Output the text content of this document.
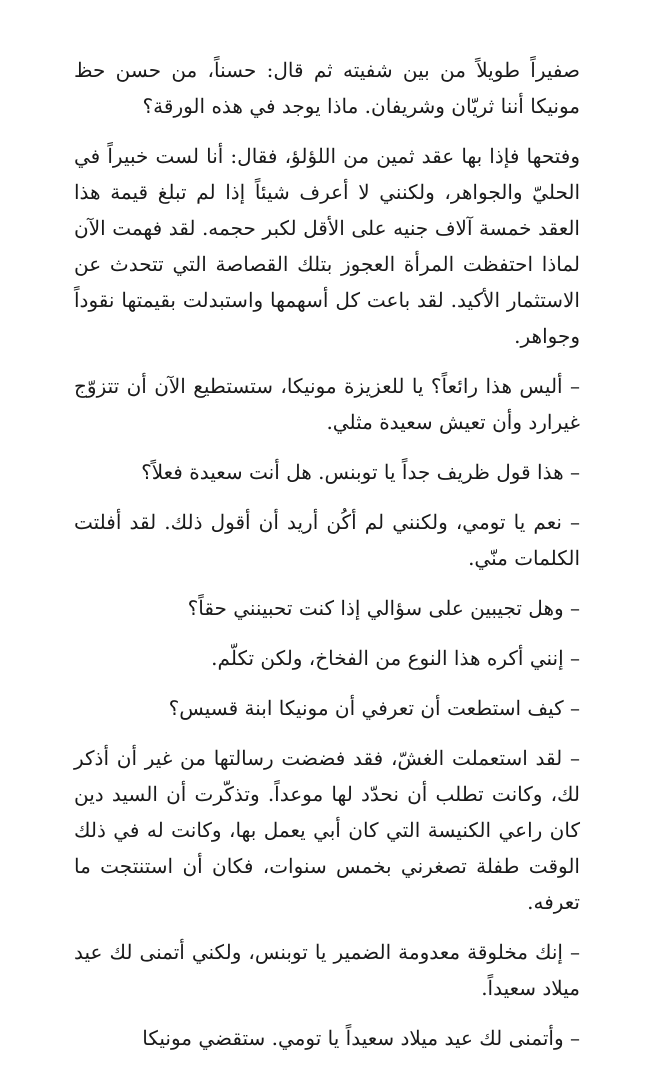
صفيراً طويلاً من بين شفيته ثم قال: حسناً، من حسن حظ مونيكا أننا ثريّان وشريفان. ماذا يوجد في هذه الورقة؟

وفتحها فإذا بها عقد ثمين من اللؤلؤ، فقال: أنا لست خبيراً في الحليّ والجواهر، ولكنني لا أعرف شيئاً إذا لم تبلغ قيمة هذا العقد خمسة آلاف جنيه على الأقل لكبر حجمه. لقد فهمت الآن لماذا احتفظت المرأة العجوز بتلك القصاصة التي تتحدث عن الاستثمار الأكيد. لقد باعت كل أسهمها واستبدلت بقيمتها نقوداً وجواهر.

– أليس هذا رائعاً؟ يا للعزيزة مونيكا، ستستطيع الآن أن تتزوّج غيرارد وأن تعيش سعيدة مثلي.

– هذا قول ظريف جداً يا توبنس. هل أنت سعيدة فعلاً؟

– نعم يا تومي، ولكنني لم أكُن أريد أن أقول ذلك. لقد أفلتت الكلمات منّي.

– وهل تجيبين على سؤالي إذا كنت تحبينني حقاً؟

– إنني أكره هذا النوع من الفخاخ، ولكن تكلّم.

– كيف استطعت أن تعرفي أن مونيكا ابنة قسيس؟

– لقد استعملت الغشّ، فقد فضضت رسالتها من غير أن أذكر لك، وكانت تطلب أن نحدّد لها موعداً. وتذكّرت أن السيد دين كان راعي الكنيسة التي كان أبي يعمل بها، وكانت له في ذلك الوقت طفلة تصغرني بخمس سنوات، فكان أن استنتجت ما تعرفه.

– إنك مخلوقة معدومة الضمير يا توبنس، ولكني أتمنى لك عيد ميلاد سعيداً.

– وأتمنى لك عيد ميلاد سعيداً يا تومي. ستقضي مونيكا
